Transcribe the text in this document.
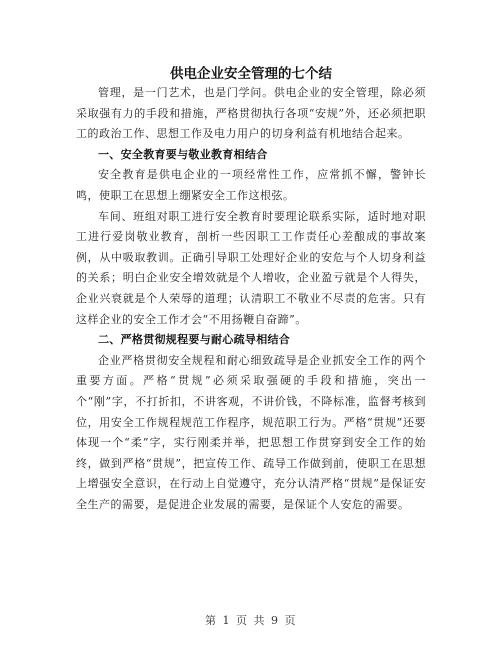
供电企业安全管理的七个结

管理，是一门艺术，也是门学问。供电企业的安全管理，除必须采取强有力的手段和措施，严格贯彻执行各项“安规”外，还必须把职工的政治工作、思想工作及电力用户的切身利益有机地结合起来。

一、安全教育要与敬业教育相结合

安全教育是供电企业的一项经常性工作，应常抓不懈，警钟长鸣，使职工在思想上绷紧安全工作这根弦。

车间、班组对职工进行安全教育时要理论联系实际，适时地对职工进行爱岗敬业教育，剖析一些因职工工作责任心差酿成的事故案例，从中吸取教训。正确引导职工处理好企业的安危与个人切身利益的关系；明白企业安全增效就是个人增收，企业盈亏就是个人得失，企业兴衰就是个人荣辱的道理；认清职工不敬业不尽责的危害。只有这样企业的安全工作才会“不用扬鞭自奋蹄”。

二、严格贯彻规程要与耐心疏导相结合

企业严格贯彻安全规程和耐心细致疏导是企业抓安全工作的两个重要方面。严格“贯规”必须采取强硬的手段和措施，突出一个“刚”字，不打折扣，不讲客观，不讲价钱，不降标准，监督考核到位，用安全工作规程规范工作程序，规范职工行为。严格“贯规”还要体现一个“柔”字，实行刚柔并举，把思想工作贯穿到安全工作的始终，做到严格“贯规”，把宣传工作、疏导工作做到前，使职工在思想上增强安全意识，在行动上自觉遵守，充分认清严格“贯规”是保证安全生产的需要，是促进企业发展的需要，是保证个人安危的需要。

第 1 页 共 9 页
